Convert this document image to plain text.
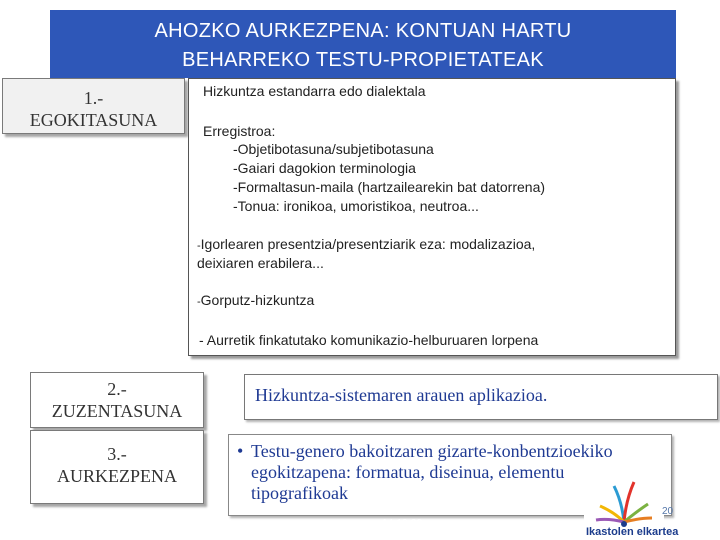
AHOZKO AURKEZPENA: KONTUAN HARTU
BEHARREKO TESTU-PROPIETATEAK
1.-
EGOKITASUNA
Hizkuntza estandarra edo dialektala
Erregistroa:
-Objetibotasuna/subjetibotasuna
-Gaiari dagokion terminologia
-Formaltasun-maila (hartzailearekin bat datorrena)
-Tonua: ironikoa, umoristikoa, neutroa...
-Igorlearen presentzia/presentziarik eza: modalizazioa,
deixiaren erabilera...
-Gorputz-hizkuntza
- Aurretik finkatutako komunikazio-helburuaren lorpena
2.-
ZUZENTASUNA
Hizkuntza-sistemaren arauen aplikazioa.
3.-
AURKEZPENA
• Testu-genero bakoitzaren gizarte-konbentzioekiko
egokitzapena: formatua, diseinua, elementu
tipografikoak
14-10-30
Ikastolen elkartea
20
